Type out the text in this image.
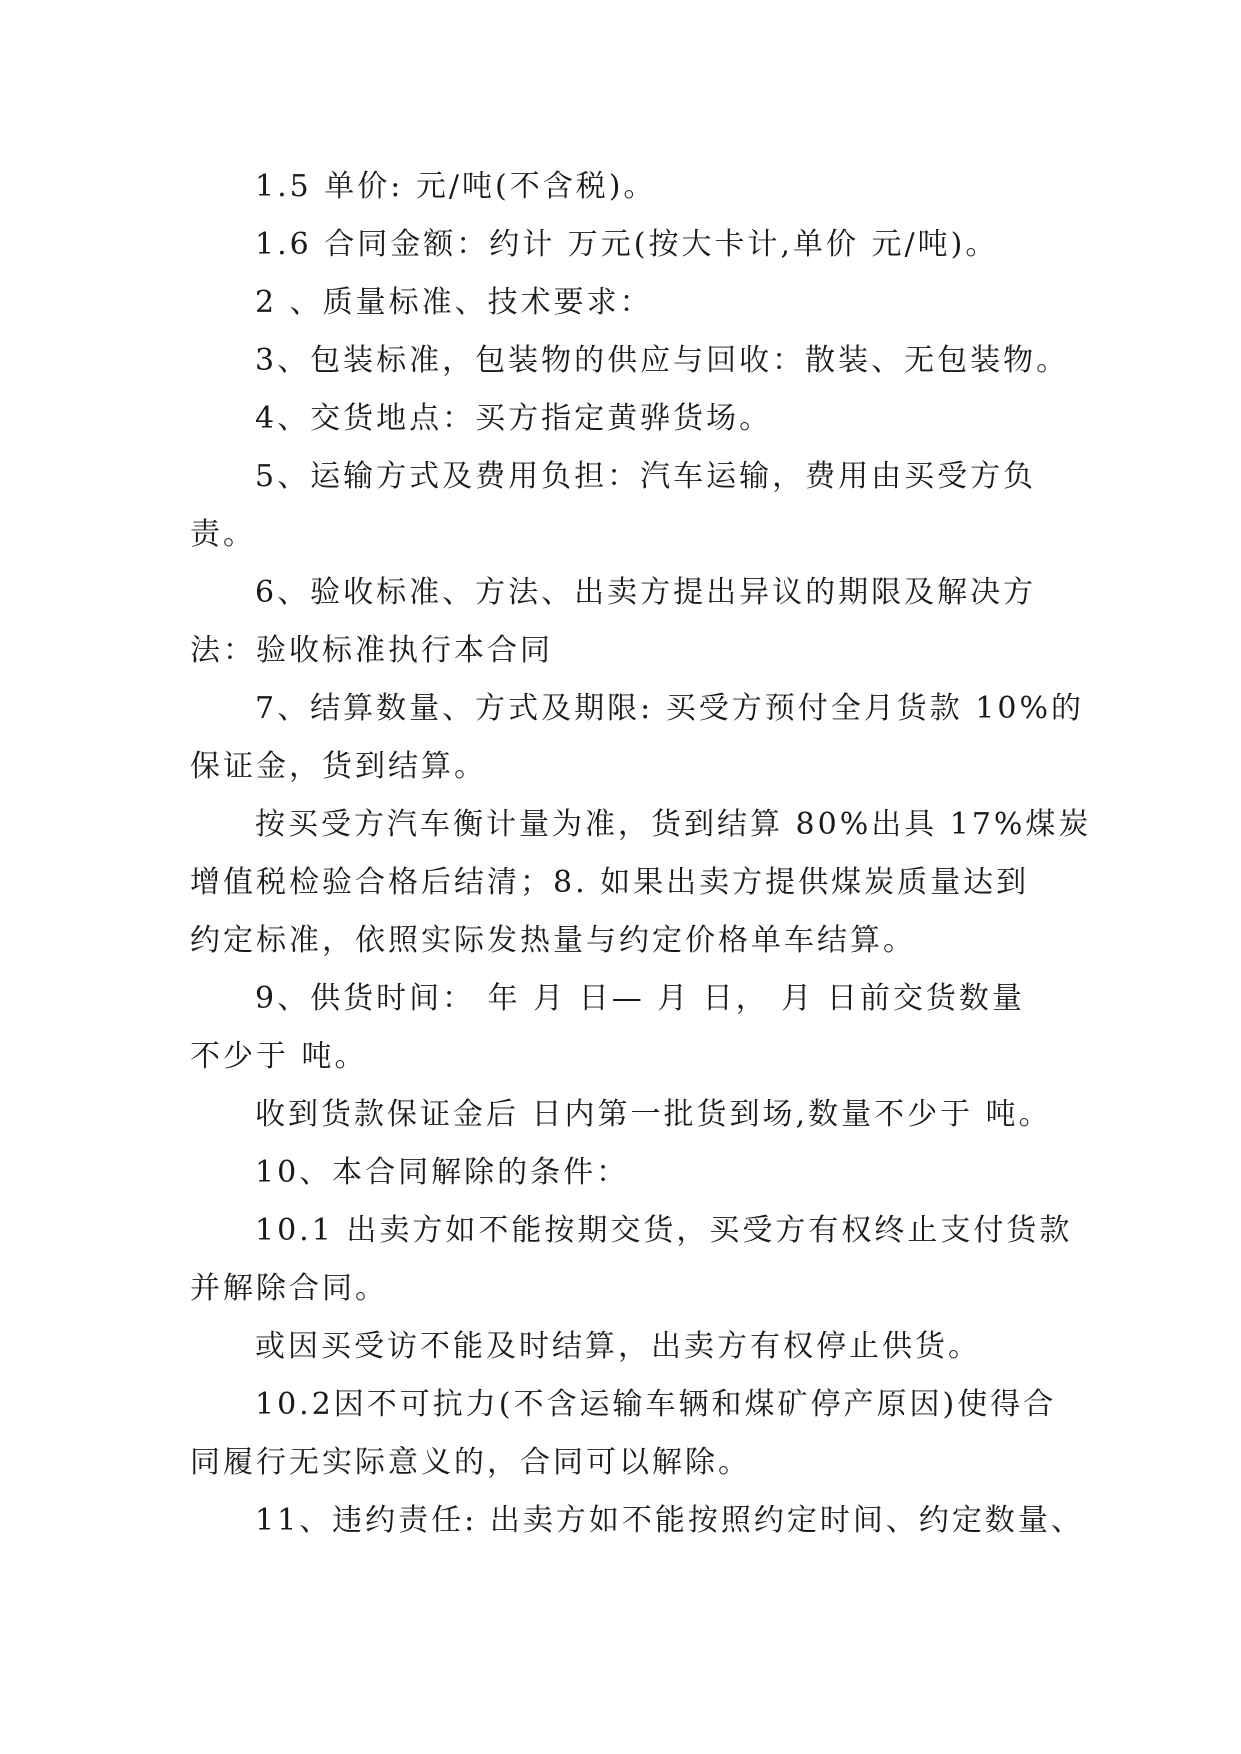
1.5 单价: 元/吨(不含税)。
1.6 合同金额：约计 万元(按大卡计,单价 元/吨)。
2 、质量标准、技术要求：
3、包装标准，包装物的供应与回收：散装、无包装物。
4、交货地点：买方指定黄骅货场。
5、运输方式及费用负担：汽车运输，费用由买受方负
责。
6、验收标准、方法、出卖方提出异议的期限及解决方
法：验收标准执行本合同
7、结算数量、方式及期限: 买受方预付全月货款 10%的
保证金，货到结算。
按买受方汽车衡计量为准，货到结算 80%出具 17%煤炭
增值税检验合格后结清；8. 如果出卖方提供煤炭质量达到
约定标准，依照实际发热量与约定价格单车结算。
9、供货时间： 年 月 日— 月 日， 月 日前交货数量
不少于 吨。
收到货款保证金后 日内第一批货到场,数量不少于 吨。
10、本合同解除的条件：
10.1 出卖方如不能按期交货，买受方有权终止支付货款
并解除合同。
或因买受访不能及时结算，出卖方有权停止供货。
10.2因不可抗力(不含运输车辆和煤矿停产原因)使得合
同履行无实际意义的，合同可以解除。
11、违约责任: 出卖方如不能按照约定时间、约定数量、
